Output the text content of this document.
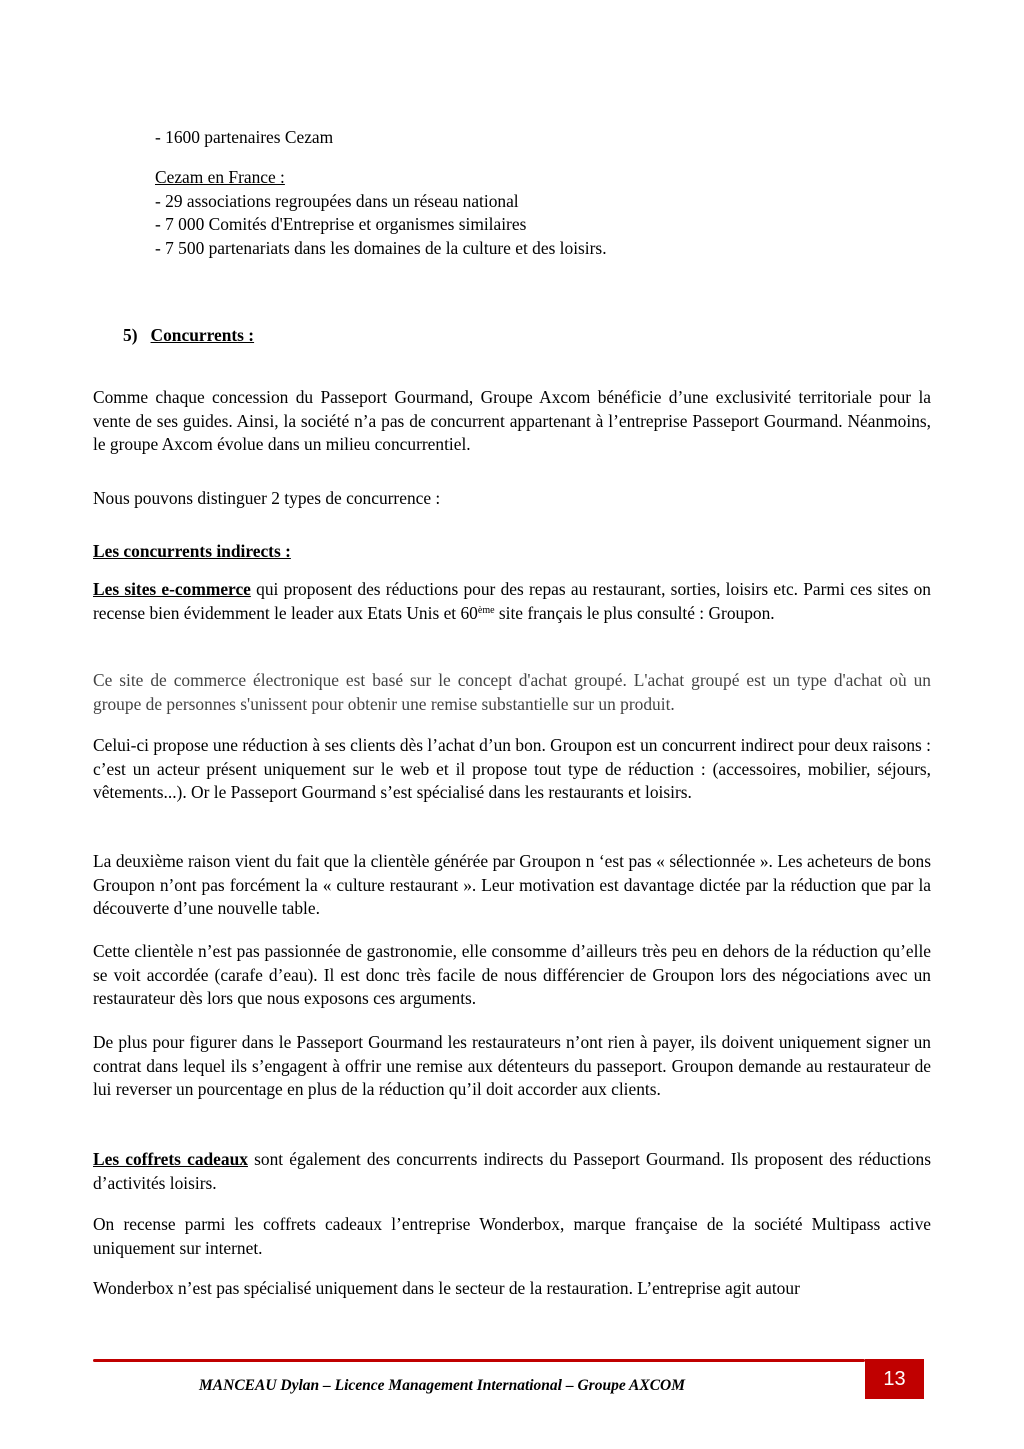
- 1600 partenaires Cezam

Cezam en France :

- 29 associations regroupées dans un réseau national

- 7 000 Comités d'Entreprise et organismes similaires

- 7 500 partenariats dans les domaines de la culture et des loisirs.

5) Concurrents :

Comme chaque concession du Passeport Gourmand, Groupe Axcom bénéficie d’une exclusivité territoriale pour la vente de ses guides. Ainsi, la société n’a pas de concurrent appartenant à l’entreprise Passeport Gourmand. Néanmoins, le groupe Axcom évolue dans un milieu concurrentiel.

Nous pouvons distinguer 2 types de concurrence :

Les concurrents indirects :

Les sites e-commerce qui proposent des réductions pour des repas au restaurant, sorties, loisirs etc. Parmi ces sites on recense bien évidemment le leader aux Etats Unis et 60ème site français le plus consulté : Groupon.

Ce site de commerce électronique est basé sur le concept d'achat groupé. L'achat groupé est un type d'achat où un groupe de personnes s'unissent pour obtenir une remise substantielle sur un produit.

Celui-ci propose une réduction à ses clients dès l’achat d’un bon. Groupon est un concurrent indirect pour deux raisons : c’est un acteur présent uniquement sur le web et il propose tout type de réduction : (accessoires, mobilier, séjours, vêtements...). Or le Passeport Gourmand s’est spécialisé dans les restaurants et loisirs.

La deuxième raison vient du fait que la clientèle générée par Groupon n ‘est pas « sélectionnée ». Les acheteurs de bons Groupon n’ont pas forcément la « culture restaurant ». Leur motivation est davantage dictée par la réduction que par la découverte d’une nouvelle table.

Cette clientèle n’est pas passionnée de gastronomie, elle consomme d’ailleurs très peu en dehors de la réduction qu’elle se voit accordée (carafe d’eau). Il est donc très facile de nous différencier de Groupon lors des négociations avec un restaurateur dès lors que nous exposons ces arguments.

De plus pour figurer dans le Passeport Gourmand les restaurateurs n’ont rien à payer, ils doivent uniquement signer un contrat dans lequel ils s’engagent à offrir une remise aux détenteurs du passeport. Groupon demande au restaurateur de lui reverser un pourcentage en plus de la réduction qu’il doit accorder aux clients.

Les coffrets cadeaux sont également des concurrents indirects du Passeport Gourmand. Ils proposent des réductions d’activités loisirs.

On recense parmi les coffrets cadeaux l’entreprise Wonderbox, marque française de la société Multipass active uniquement sur internet.

Wonderbox n’est pas spécialisé uniquement dans le secteur de la restauration. L’entreprise agit autour

MANCEAU Dylan – Licence Management International – Groupe AXCOM	13
